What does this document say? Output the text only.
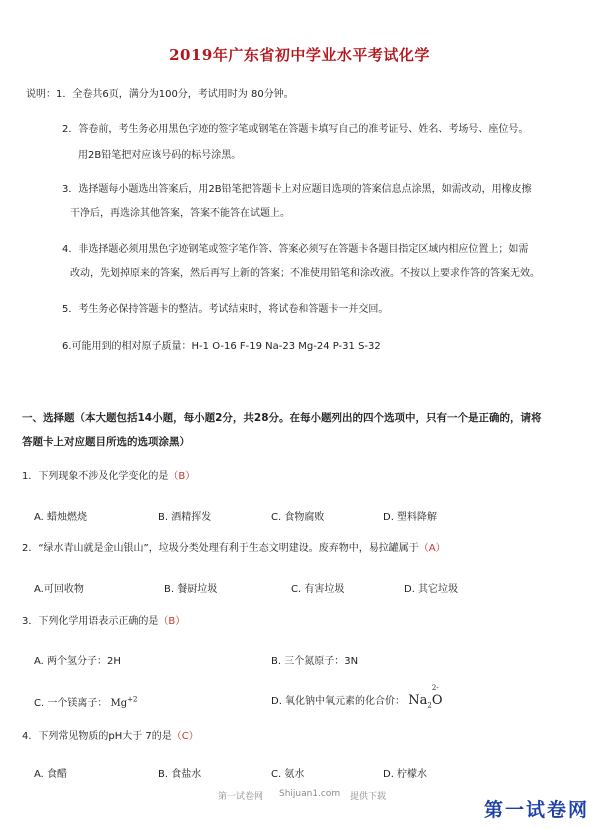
2019年广东省初中学业水平考试化学
说明：1．全卷共6页，满分为100分，考试用时为 80分钟。
2．答卷前，考生务必用黑色字迹的签字笔或钢笔在答题卡填写自己的准考证号、姓名、考场号、座位号。
用2B铅笔把对应该号码的标号涂黑。
3．选择题每小题选出答案后，用2B铅笔把答题卡上对应题目选项的答案信息点涂黑，如需改动，用橡皮擦
干净后，再选涂其他答案，答案不能答在试题上。
4．非选择题必须用黑色字迹钢笔或签字笔作答、答案必须写在答题卡各题目指定区域内相应位置上；如需
改动，先划掉原来的答案，然后再写上新的答案；不准使用铅笔和涂改液。不按以上要求作答的答案无效。
5．考生务必保持答题卡的整洁。考试结束时，将试卷和答题卡一并交回。
6.可能用到的相对原子质量：H-1 O-16 F-19 Na-23 Mg-24 P-31 S-32
一、选择题（本大题包括14小题，每小题2分，共28分。在每小题列出的四个选项中，只有一个是正确的，请将
答题卡上对应题目所选的选项涂黑）
1．下列现象不涉及化学变化的是（B）
A. 蜡烛燃烧	B. 酒精挥发	C. 食物腐败	D. 塑料降解
2．“绿水青山就是金山银山”，垃圾分类处理有利于生态文明建设。废弃物中，易拉罐属于（A）
A.可回收物	B. 餐厨垃圾	C. 有害垃圾	D. 其它垃圾
3．下列化学用语表示正确的是（B）
A. 两个氢分子：2H	B. 三个氮原子：3N
C. 一个镁离子： $Mg^{+2}$	D. 氧化钠中氧元素的化合价： $Na_2$
2-
O
4．下列常见物质的pH大于 7的是（C）
A. 食醋	B. 食盐水	C. 氨水	D. 柠檬水
第一试卷网 Shijuan1.com 提供下载
第一试卷网
